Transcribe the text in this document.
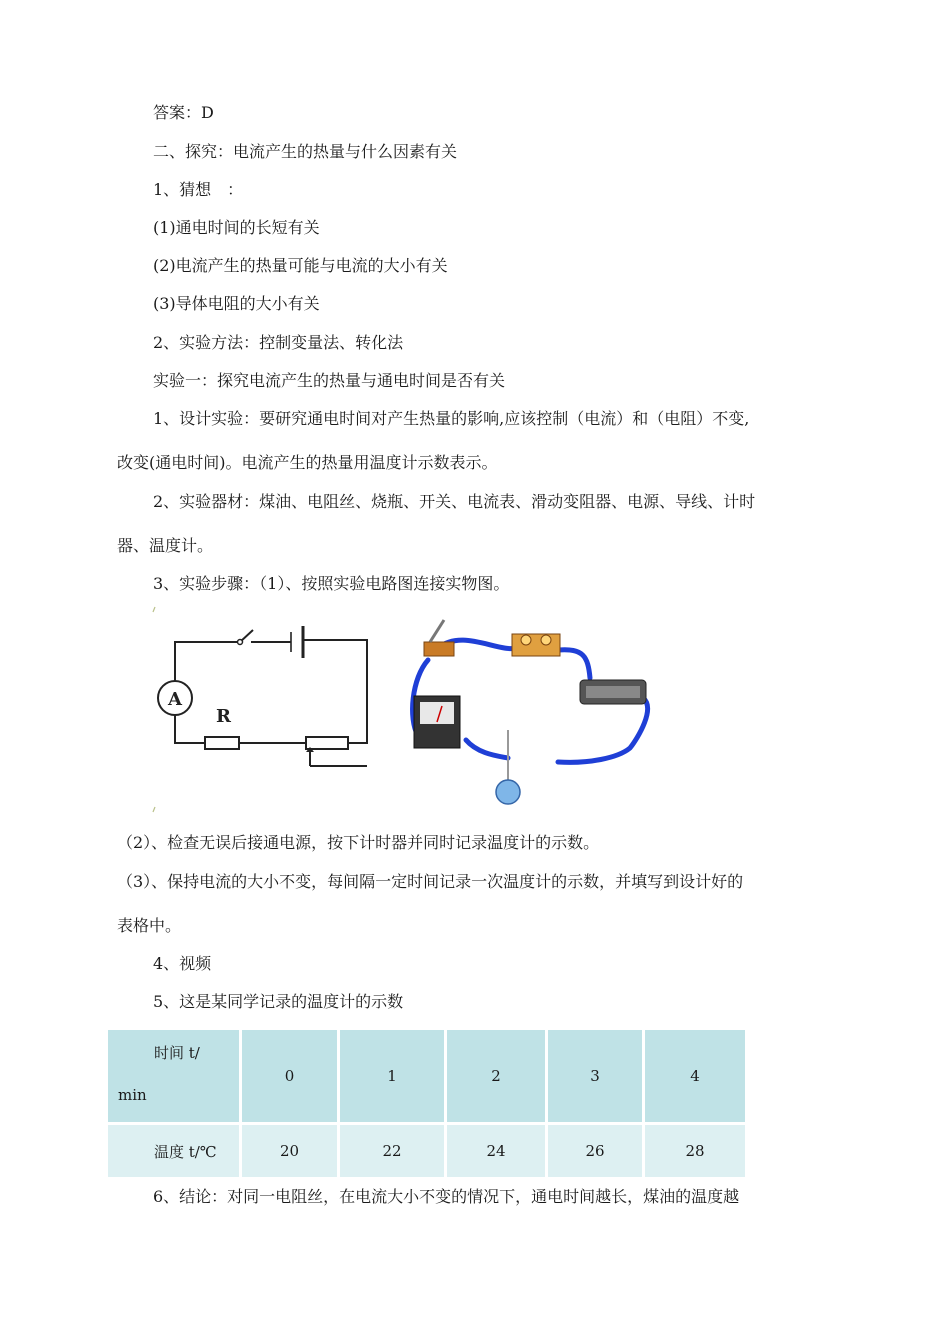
答案：D
二、探究：电流产生的热量与什么因素有关
1、猜想　：
(1)通电时间的长短有关
(2)电流产生的热量可能与电流的大小有关
(3)导体电阻的大小有关
2、实验方法：控制变量法、转化法
实验一：探究电流产生的热量与通电时间是否有关
1、设计实验：要研究通电时间对产生热量的影响,应该控制（电流）和（电阻）不变,
改变(通电时间)。电流产生的热量用温度计示数表示。
2、实验器材：煤油、电阻丝、烧瓶、开关、电流表、滑动变阻器、电源、导线、计时
器、温度计。
3、实验步骤：（1）、按照实验电路图连接实物图。
A
R
（2）、检查无误后接通电源，按下计时器并同时记录温度计的示数。
（3）、保持电流的大小不变，每间隔一定时间记录一次温度计的示数，并填写到设计好的
表格中。
4、视频
5、这是某同学记录的温度计的示数
时间 t/
min	0	1	2	3	4
温度 t/℃	20	22	24	26	28
6、结论：对同一电阻丝，在电流大小不变的情况下，通电时间越长，煤油的温度越
